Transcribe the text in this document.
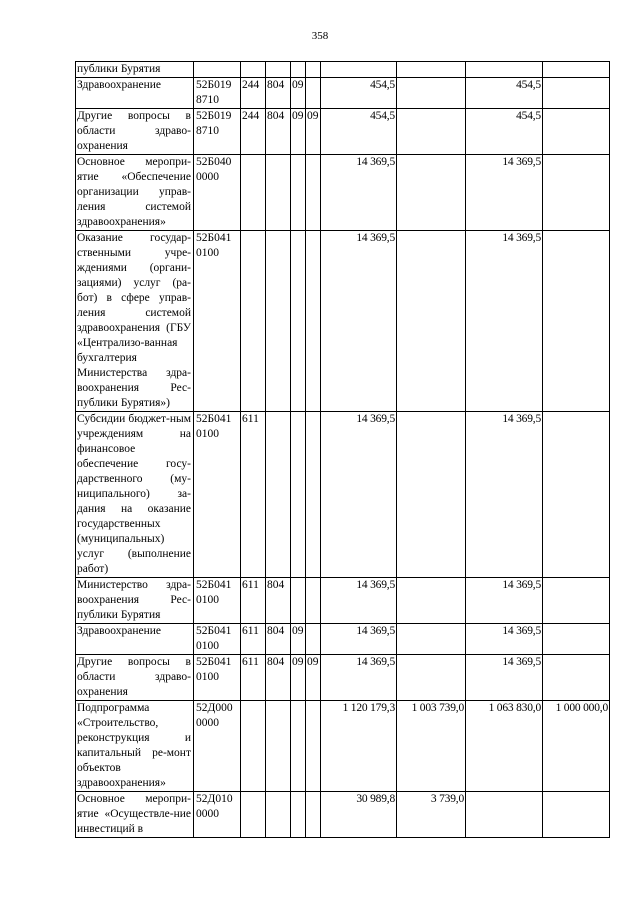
358
публики Бурятия									
Здравоохранение	52Б019 8710	244	804	09		454,5		454,5	
Другие вопросы в области здраво-охранения	52Б019 8710	244	804	09	09	454,5		454,5	
Основное меропри-ятие «Обеспечение организации управ-ления системой здравоохранения»	52Б040 0000					14 369,5		14 369,5	
Оказание государ-ственными учре-ждениями (органи-зациями) услуг (ра-бот) в сфере управ-ления системой здравоохранения (ГБУ «Централизо-ванная бухгалтерия Министерства здра-воохранения Рес-публики Бурятия»)	52Б041 0100					14 369,5		14 369,5	
Субсидии бюджет-ным учреждениям на финансовое обеспечение госу-дарственного (му-ниципального) за-дания на оказание государственных (муниципальных) услуг (выполнение работ)	52Б041 0100	611				14 369,5		14 369,5	
Министерство здра-воохранения Рес-публики Бурятия	52Б041 0100	611	804			14 369,5		14 369,5	
Здравоохранение	52Б041 0100	611	804	09		14 369,5		14 369,5	
Другие вопросы в области здраво-охранения	52Б041 0100	611	804	09	09	14 369,5		14 369,5	
Подпрограмма «Строительство, реконструкция и капитальный ре-монт объектов здравоохранения»	52Д000 0000					1 120 179,3	1 003 739,0	1 063 830,0	1 000 000,0
Основное меропри-ятие «Осуществле-ние инвестиций в	52Д010 0000					30 989,8	3 739,0		
